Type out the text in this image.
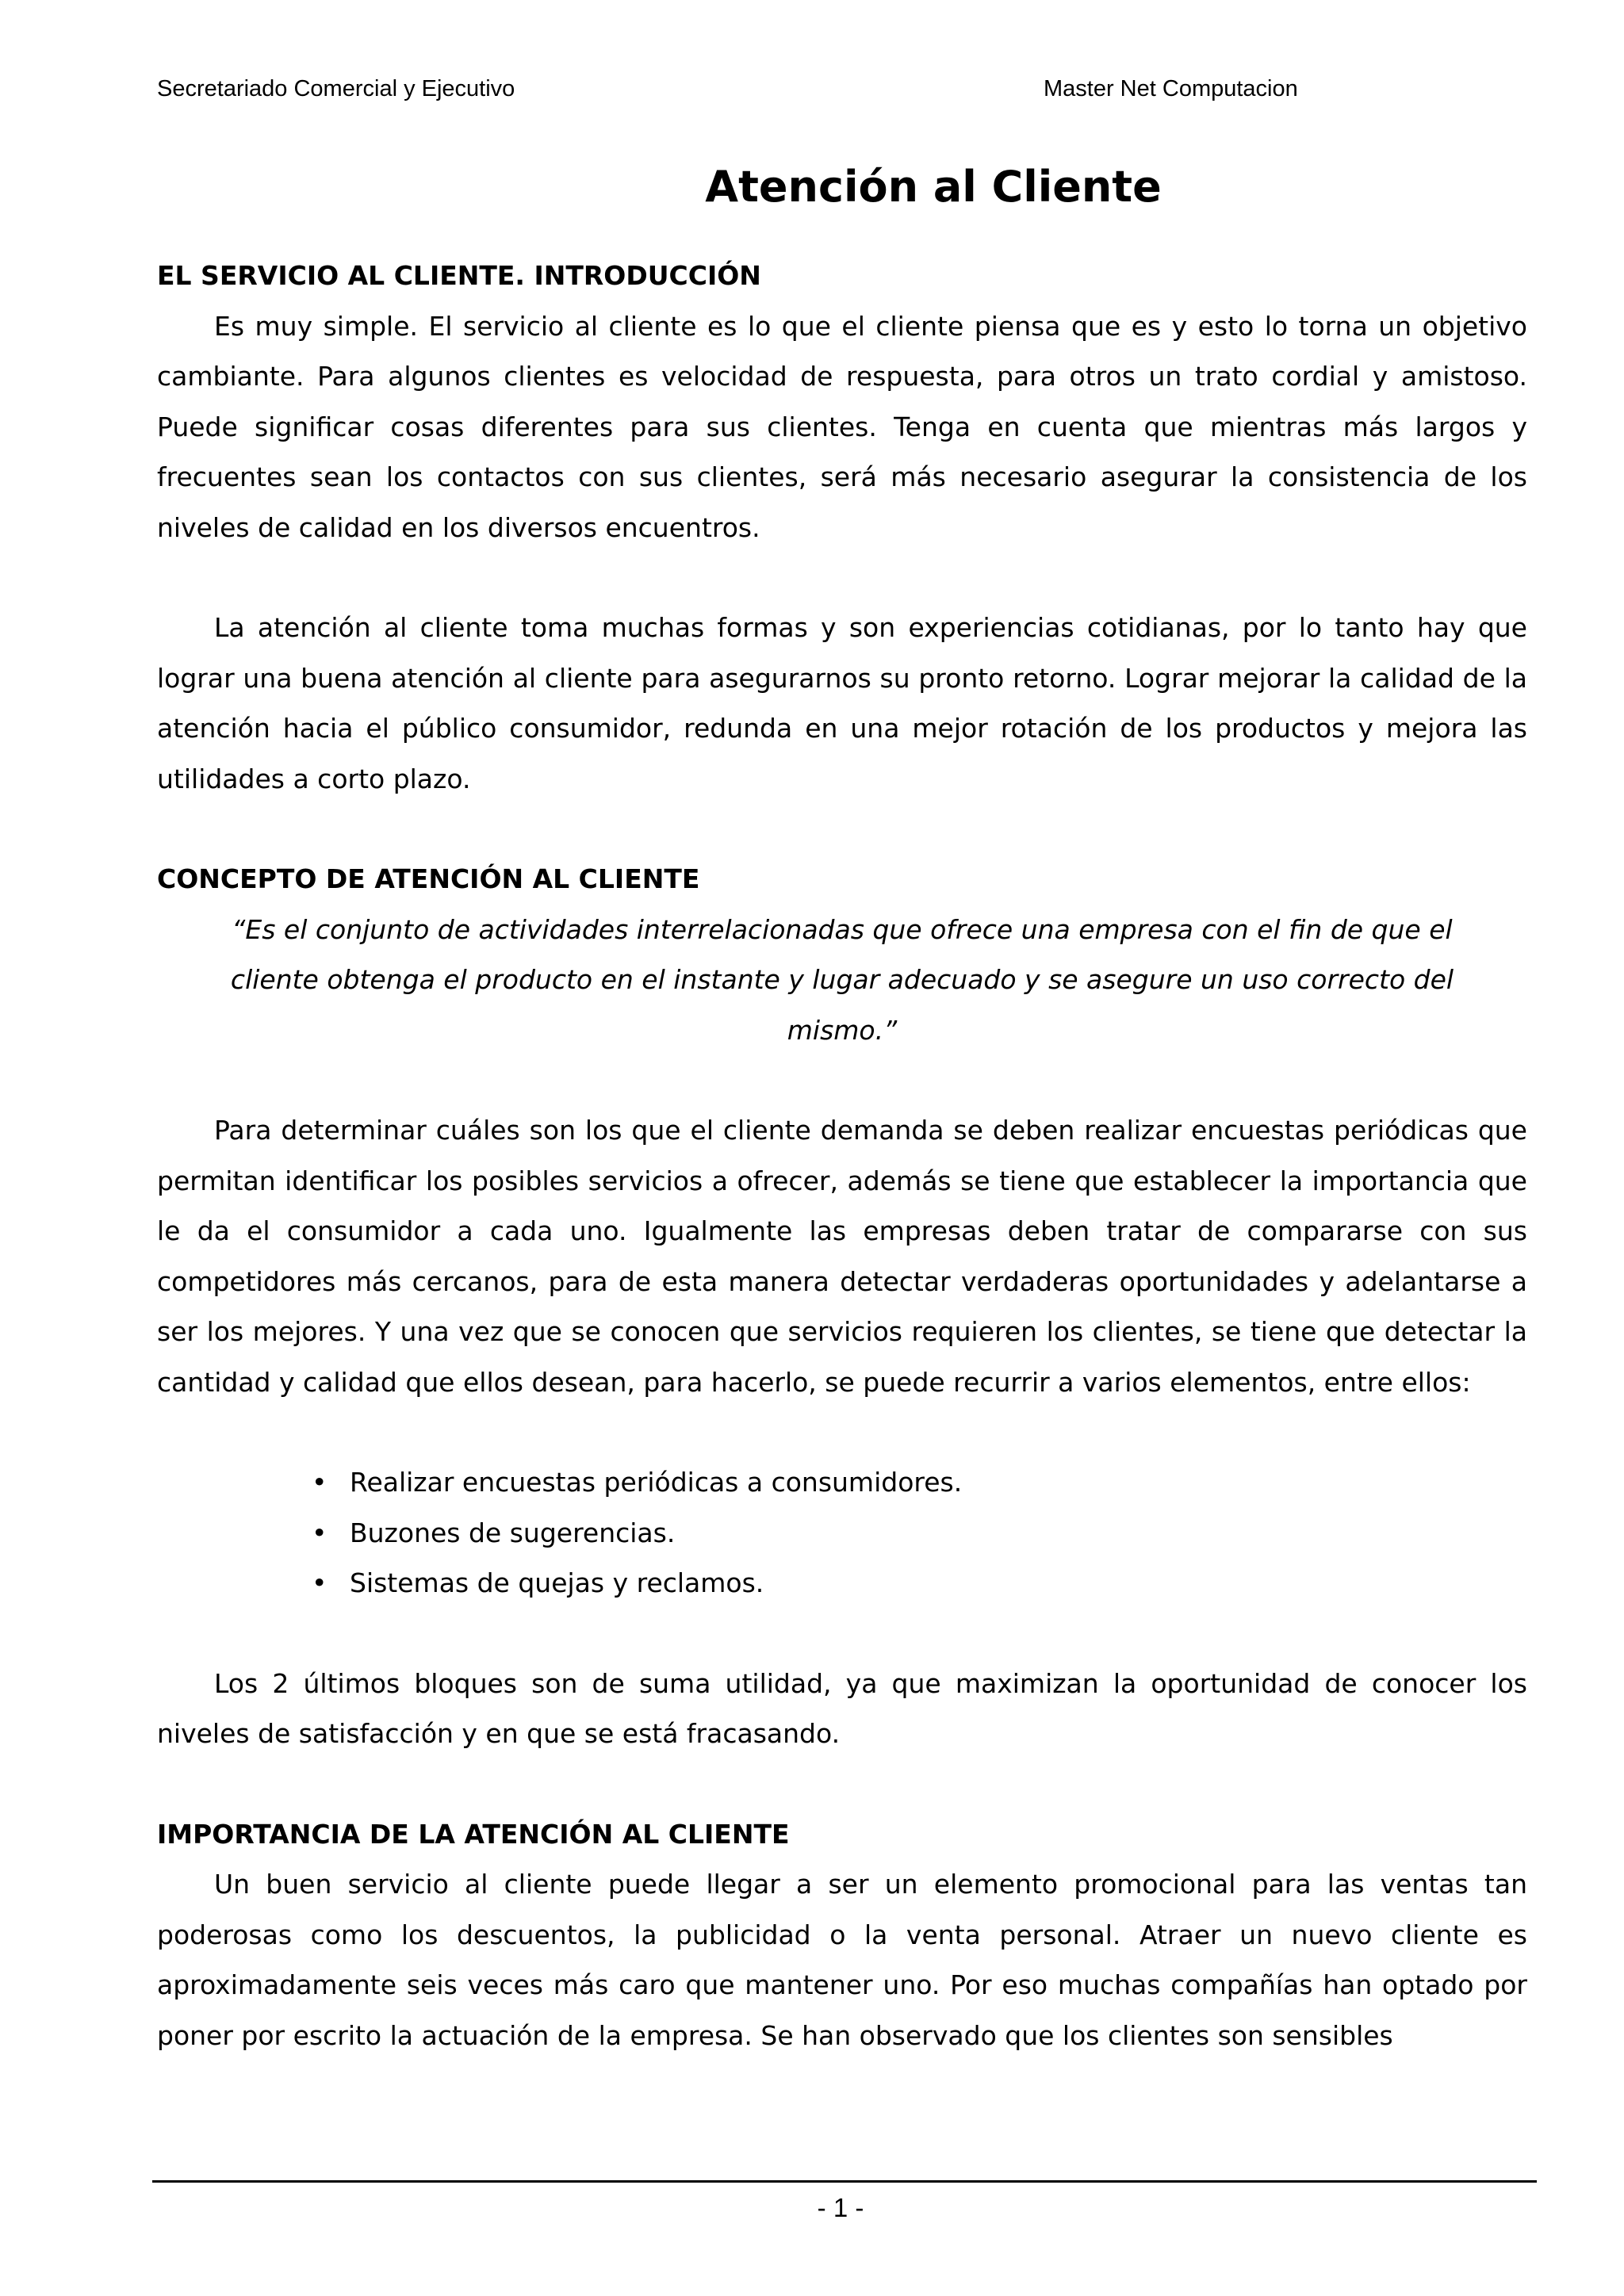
Secretariado Comercial y Ejecutivo	Master Net Computacion
Atención al Cliente
EL SERVICIO AL CLIENTE. INTRODUCCIÓN

Es muy simple. El servicio al cliente es lo que el cliente piensa que es y esto lo torna un objetivo cambiante. Para algunos clientes es velocidad de respuesta, para otros un trato cordial y amistoso. Puede significar cosas diferentes para sus clientes. Tenga en cuenta que mientras más largos y frecuentes sean los contactos con sus clientes, será más necesario asegurar la consistencia de los niveles de calidad en los diversos encuentros.

La atención al cliente toma muchas formas y son experiencias cotidianas, por lo tanto hay que lograr una buena atención al cliente para asegurarnos su pronto retorno. Lograr mejorar la calidad de la atención hacia el público consumidor, redunda en una mejor rotación de los productos y mejora las utilidades a corto plazo.

CONCEPTO DE ATENCIÓN AL CLIENTE

“Es el conjunto de actividades interrelacionadas que ofrece una empresa con el fin de que el cliente obtenga el producto en el instante y lugar adecuado y se asegure un uso correcto del mismo.”

Para determinar cuáles son los que el cliente demanda se deben realizar encuestas periódicas que permitan identificar los posibles servicios a ofrecer, además se tiene que establecer la importancia que le da el consumidor a cada uno. Igualmente las empresas deben tratar de compararse con sus competidores más cercanos, para de esta manera detectar verdaderas oportunidades y adelantarse a ser los mejores. Y una vez que se conocen que servicios requieren los clientes, se tiene que detectar la cantidad y calidad que ellos desean, para hacerlo, se puede recurrir a varios elementos, entre ellos:

• Realizar encuestas periódicas a consumidores.
• Buzones de sugerencias.
• Sistemas de quejas y reclamos.

Los 2 últimos bloques son de suma utilidad, ya que maximizan la oportunidad de conocer los niveles de satisfacción y en que se está fracasando.

IMPORTANCIA DE LA ATENCIÓN AL CLIENTE

Un buen servicio al cliente puede llegar a ser un elemento promocional para las ventas tan poderosas como los descuentos, la publicidad o la venta personal. Atraer un nuevo cliente es aproximadamente seis veces más caro que mantener uno. Por eso muchas compañías han optado por poner por escrito la actuación de la empresa. Se han observado que los clientes son sensibles

- 1 -
